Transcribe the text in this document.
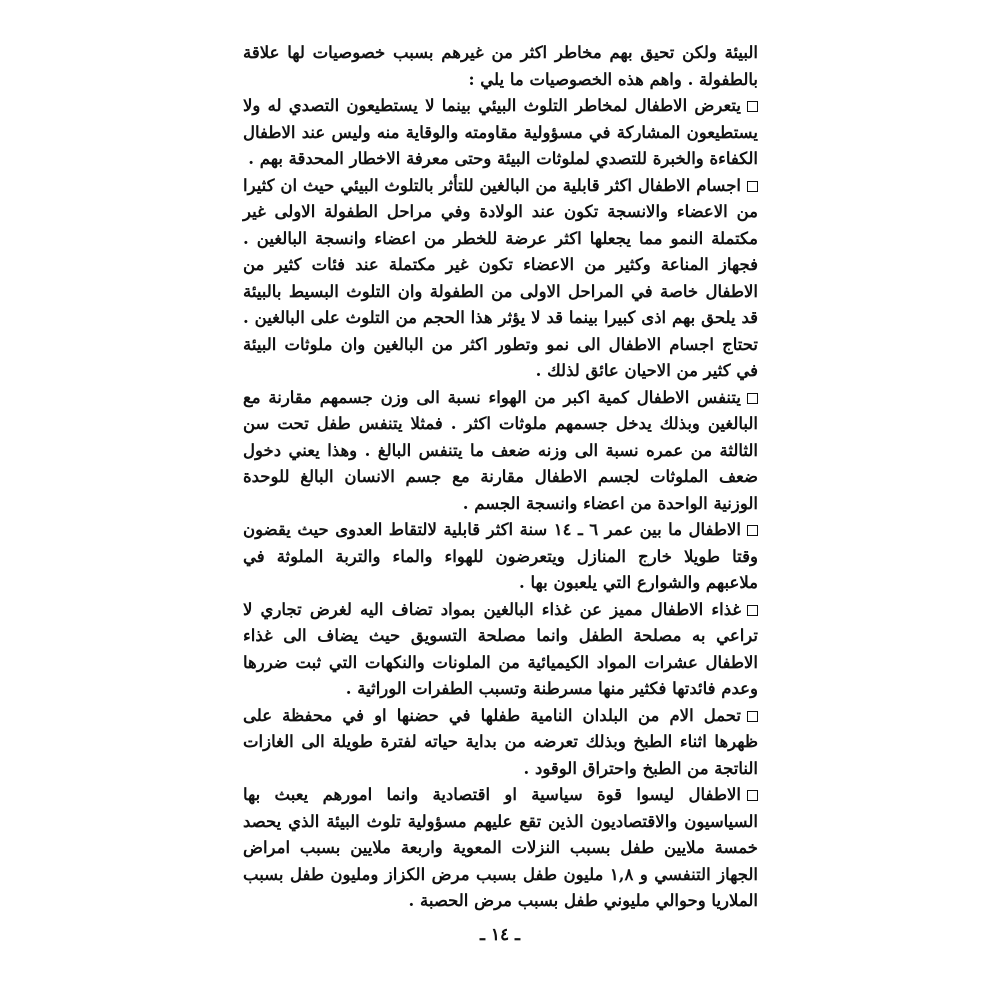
البيئة ولكن تحيق بهم مخاطر اكثر من غيرهم بسبب خصوصيات لها علاقة بالطفولة . واهم هذه الخصوصيات ما يلي :

يتعرض الاطفال لمخاطر التلوث البيئي بينما لا يستطيعون التصدي له ولا يستطيعون المشاركة في مسؤولية مقاومته والوقاية منه وليس عند الاطفال الكفاءة والخبرة للتصدي لملوثات البيئة وحتى معرفة الاخطار المحدقة بهم .

اجسام الاطفال اكثر قابلية من البالغين للتأثر بالتلوث البيئي حيث ان كثيرا من الاعضاء والانسجة تكون عند الولادة وفي مراحل الطفولة الاولى غير مكتملة النمو مما يجعلها اكثر عرضة للخطر من اعضاء وانسجة البالغين . فجهاز المناعة وكثير من الاعضاء تكون غير مكتملة عند فئات كثير من الاطفال خاصة في المراحل الاولى من الطفولة وان التلوث البسيط بالبيئة قد يلحق بهم اذى كبيرا بينما قد لا يؤثر هذا الحجم من التلوث على البالغين . تحتاج اجسام الاطفال الى نمو وتطور اكثر من البالغين وان ملوثات البيئة في كثير من الاحيان عائق لذلك .

يتنفس الاطفال كمية اكبر من الهواء نسبة الى وزن جسمهم مقارنة مع البالغين وبذلك يدخل جسمهم ملوثات اكثر . فمثلا يتنفس طفل تحت سن الثالثة من عمره نسبة الى وزنه ضعف ما يتنفس البالغ . وهذا يعني دخول ضعف الملوثات لجسم الاطفال مقارنة مع جسم الانسان البالغ للوحدة الوزنية الواحدة من اعضاء وانسجة الجسم .

الاطفال ما بين عمر ٦ ـ ١٤ سنة اكثر قابلية لالتقاط العدوى حيث يقضون وقتا طويلا خارج المنازل ويتعرضون للهواء والماء والتربة الملوثة في ملاعبهم والشوارع التي يلعبون بها .

غذاء الاطفال مميز عن غذاء البالغين بمواد تضاف اليه لغرض تجاري لا تراعي به مصلحة الطفل وانما مصلحة التسويق حيث يضاف الى غذاء الاطفال عشرات المواد الكيميائية من الملونات والنكهات التي ثبت ضررها وعدم فائدتها فكثير منها مسرطنة وتسبب الطفرات الوراثية .

تحمل الام من البلدان النامية طفلها في حضنها او في محفظة على ظهرها اثناء الطبخ وبذلك تعرضه من بداية حياته لفترة طويلة الى الغازات الناتجة من الطبخ واحتراق الوقود .

الاطفال ليسوا قوة سياسية او اقتصادية وانما امورهم يعبث بها السياسيون والاقتصاديون الذين تقع عليهم مسؤولية تلوث البيئة الذي يحصد خمسة ملايين طفل بسبب النزلات المعوية واربعة ملايين بسبب امراض الجهاز التنفسي و ١,٨ مليون طفل بسبب مرض الكزاز ومليون طفل بسبب الملاريا وحوالي مليوني طفل بسبب مرض الحصبة .

ـ ١٤ ـ
